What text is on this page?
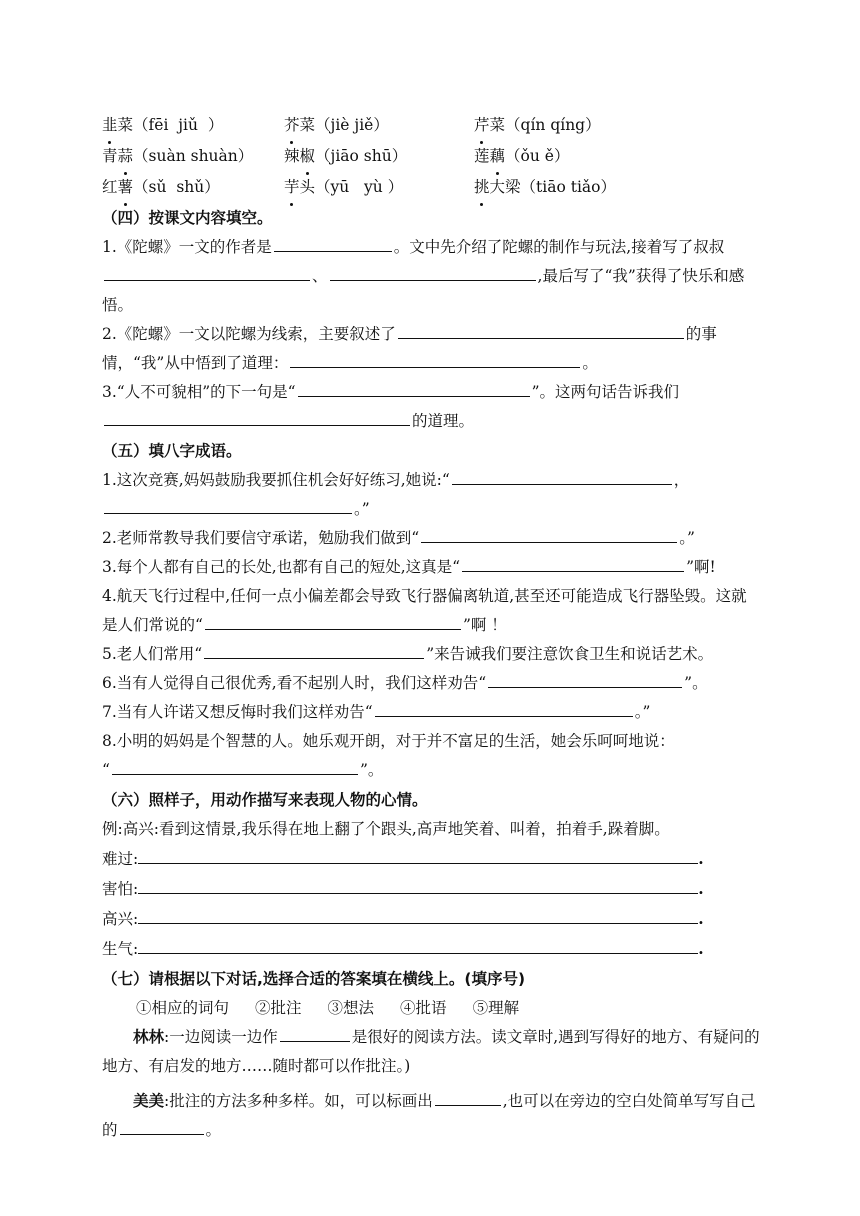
韭菜（fēi  jiǔ  ）	芥菜（jiè jiě）	芹菜（qín qíng）
青蒜（suàn shuàn）	辣椒（jiāo shū）	莲藕（ǒu ě）
红薯（sǔ  shǔ）	芋头（yū   yù ）	挑大梁（tiāo tiǎo）
（四）按课文内容填空。

1.《陀螺》一文的作者是	。文中先介绍了陀螺的制作与玩法,接着写了叔叔、	,最后写了“我”获得了快乐和感悟。

2.《陀螺》一文以陀螺为线索，主要叙述了	的事情，“我”从中悟到了道理：	。

3.“人不可貌相”的下一句是“	”。这两句话告诉我们的道理。

（五）填八字成语。

1.这次竞赛,妈妈鼓励我要抓住机会好好练习,她说:“	，
。”

2.老师常教导我们要信守承诺，勉励我们做到“	。”

3.每个人都有自己的长处,也都有自己的短处,这真是“	”啊!

4.航天飞行过程中,任何一点小偏差都会导致飞行器偏离轨道,甚至还可能造成飞行器坠毁。这就是人们常说的“	”啊 ！

5.老人们常用“	”来告诫我们要注意饮食卫生和说话艺术。

6.当有人觉得自己很优秀,看不起别人时，我们这样劝告“	”。

7.当有人许诺又想反悔时我们这样劝告“	。”

8.小明的妈妈是个智慧的人。她乐观开朗，对于并不富足的生活，她会乐呵呵地说：
“	”。

（六）照样子，用动作描写来表现人物的心情。

例:高兴:看到这情景,我乐得在地上翻了个跟头,高声地笑着、叫着，拍着手,跺着脚。

难过:	.

害怕:	.

高兴:	.

生气:	.

（七）请根据以下对话,选择合适的答案填在横线上。(填序号)

①相应的词句 ②批注 ③想法 ④批语 ⑤理解

林林:一边阅读一边作	是很好的阅读方法。读文章时,遇到写得好的地方、有疑问的地方、有启发的地方……随时都可以作批注。)

美美:批注的方法多种多样。如，可以标画出	,也可以在旁边的空白处简单写写自己的	。
